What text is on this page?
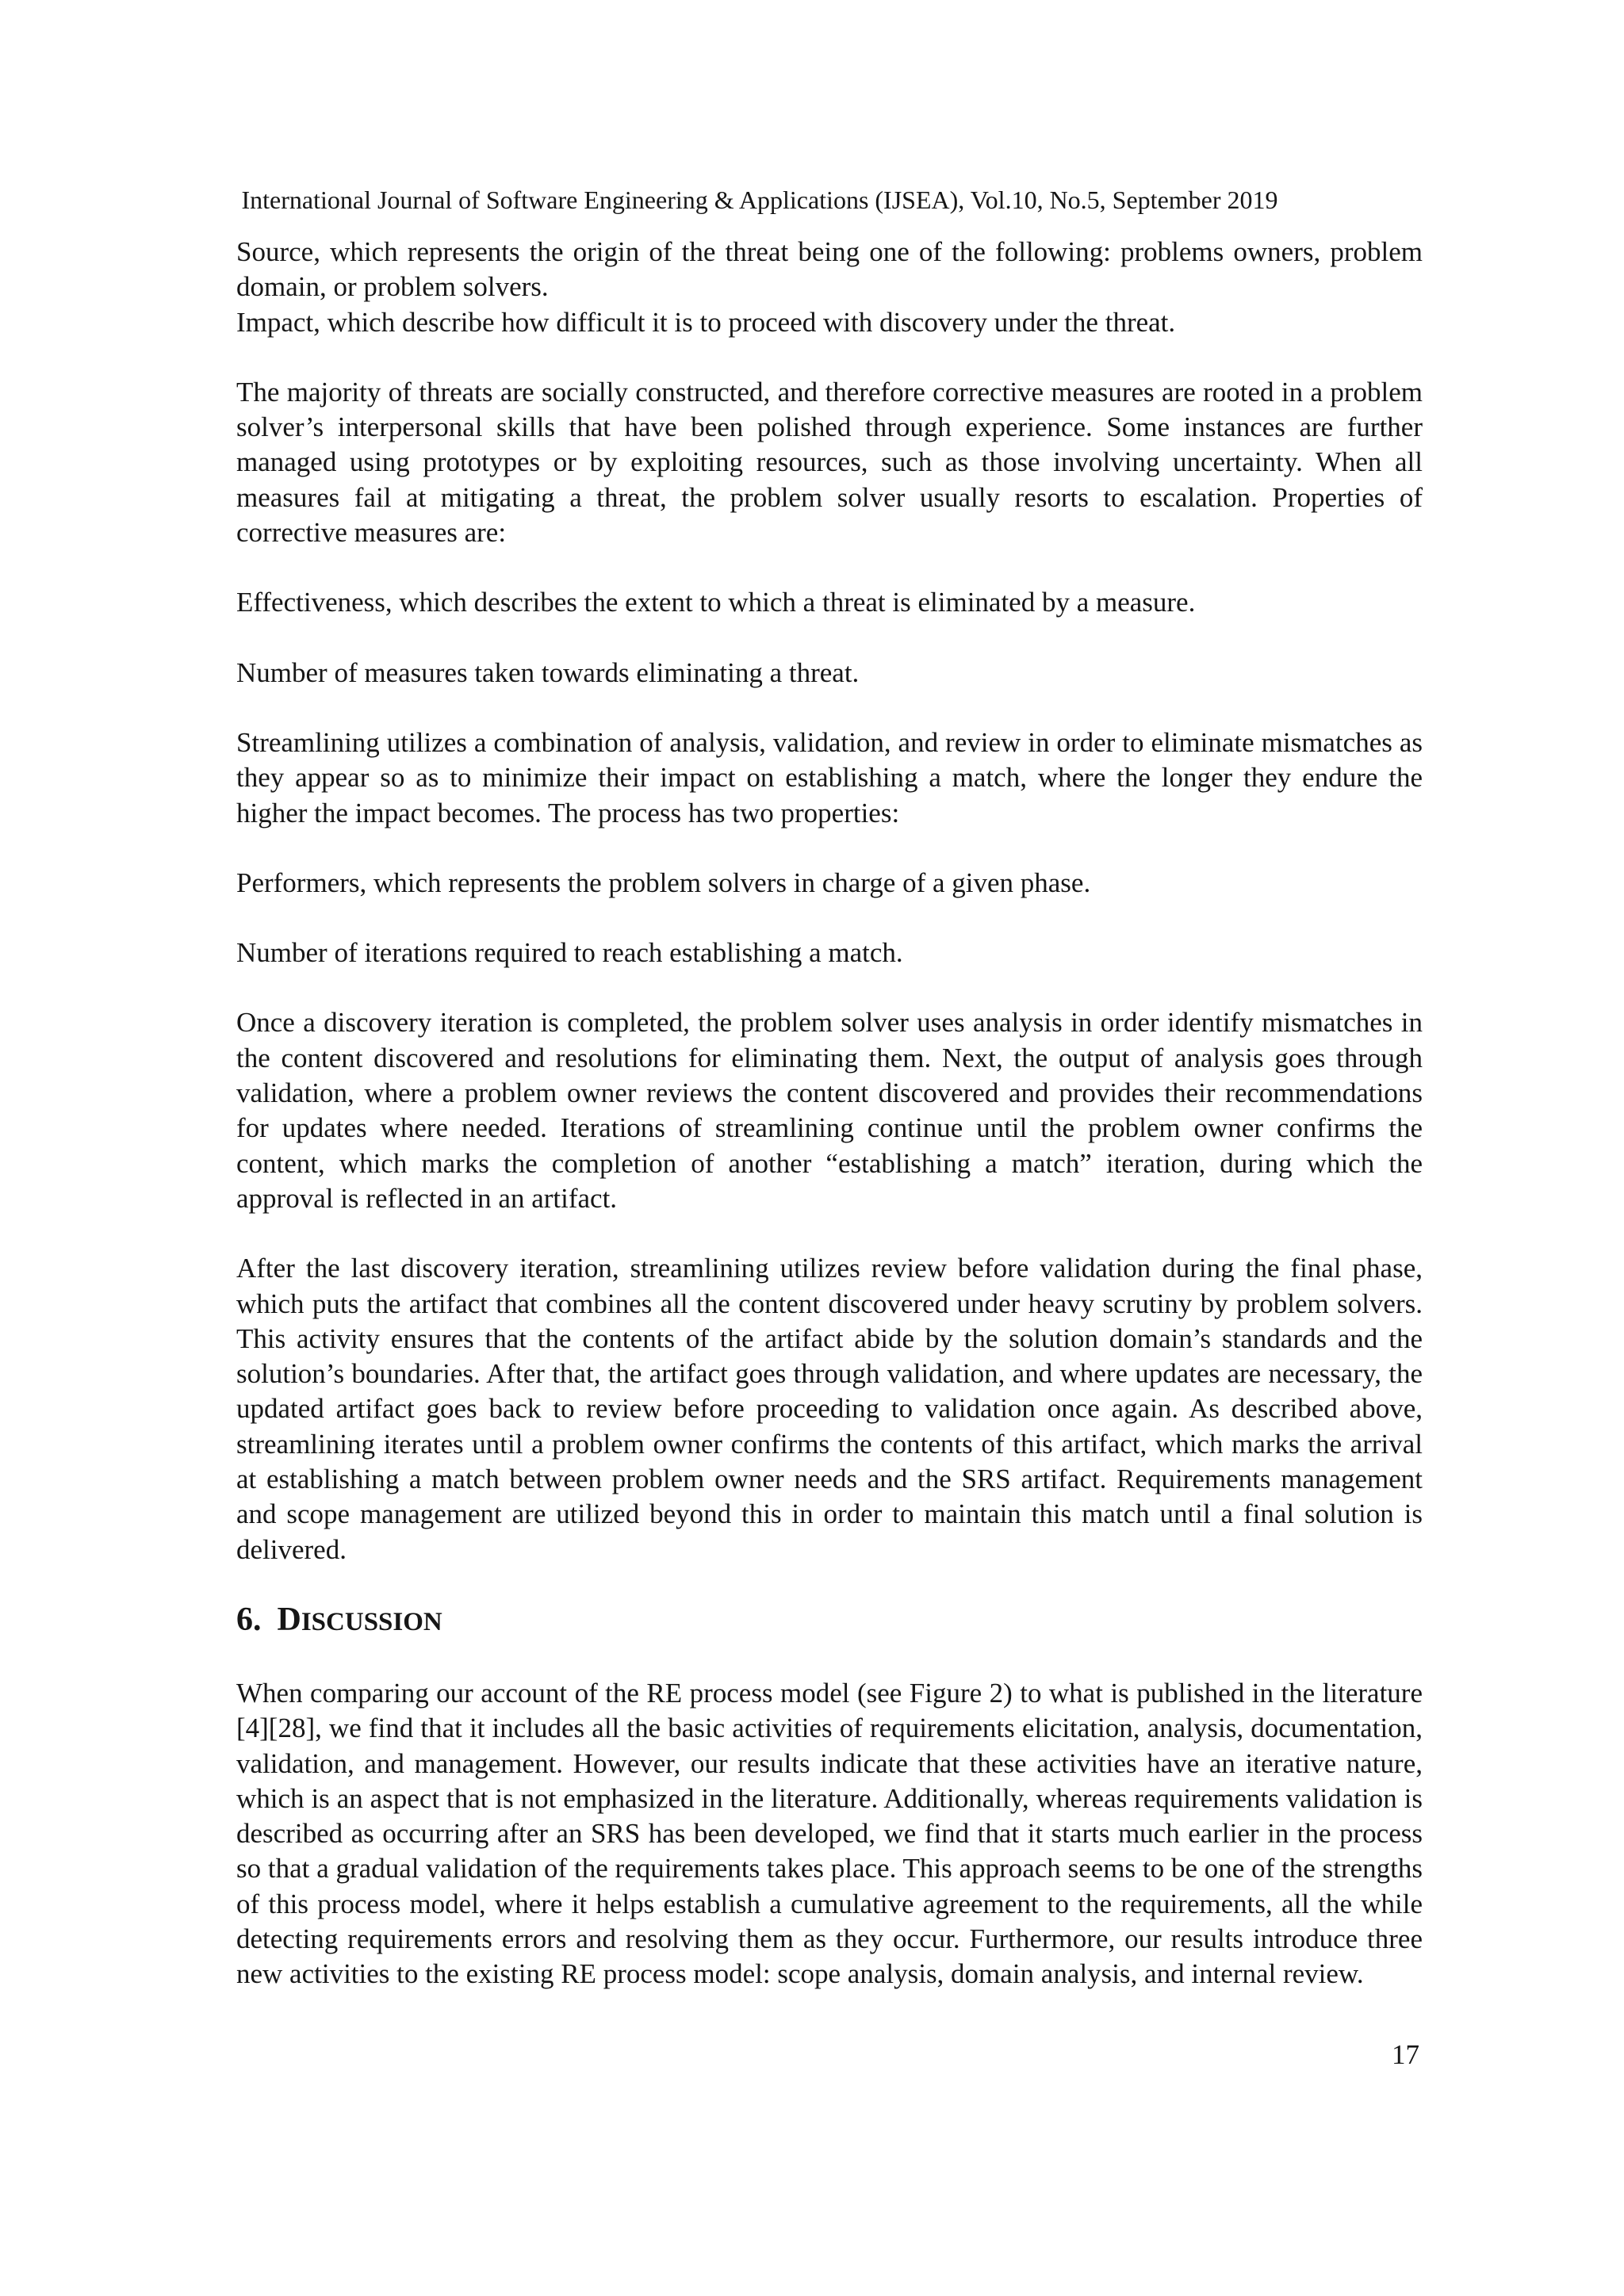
International Journal of Software Engineering & Applications (IJSEA), Vol.10, No.5, September 2019

Source, which represents the origin of the threat being one of the following: problems owners, problem domain, or problem solvers.

Impact, which describe how difficult it is to proceed with discovery under the threat.

The majority of threats are socially constructed, and therefore corrective measures are rooted in a problem solver’s interpersonal skills that have been polished through experience. Some instances are further managed using prototypes or by exploiting resources, such as those involving uncertainty. When all measures fail at mitigating a threat, the problem solver usually resorts to escalation. Properties of corrective measures are:

Effectiveness, which describes the extent to which a threat is eliminated by a measure.

Number of measures taken towards eliminating a threat.

Streamlining utilizes a combination of analysis, validation, and review in order to eliminate mismatches as they appear so as to minimize their impact on establishing a match, where the longer they endure the higher the impact becomes. The process has two properties:

Performers, which represents the problem solvers in charge of a given phase.

Number of iterations required to reach establishing a match.

Once a discovery iteration is completed, the problem solver uses analysis in order identify mismatches in the content discovered and resolutions for eliminating them. Next, the output of analysis goes through validation, where a problem owner reviews the content discovered and provides their recommendations for updates where needed. Iterations of streamlining continue until the problem owner confirms the content, which marks the completion of another “establishing a match” iteration, during which the approval is reflected in an artifact.

After the last discovery iteration, streamlining utilizes review before validation during the final phase, which puts the artifact that combines all the content discovered under heavy scrutiny by problem solvers. This activity ensures that the contents of the artifact abide by the solution domain’s standards and the solution’s boundaries. After that, the artifact goes through validation, and where updates are necessary, the updated artifact goes back to review before proceeding to validation once again. As described above, streamlining iterates until a problem owner confirms the contents of this artifact, which marks the arrival at establishing a match between problem owner needs and the SRS artifact. Requirements management and scope management are utilized beyond this in order to maintain this match until a final solution is delivered.

6. DISCUSSION

When comparing our account of the RE process model (see Figure 2) to what is published in the literature [4][28], we find that it includes all the basic activities of requirements elicitation, analysis, documentation, validation, and management. However, our results indicate that these activities have an iterative nature, which is an aspect that is not emphasized in the literature. Additionally, whereas requirements validation is described as occurring after an SRS has been developed, we find that it starts much earlier in the process so that a gradual validation of the requirements takes place. This approach seems to be one of the strengths of this process model, where it helps establish a cumulative agreement to the requirements, all the while detecting requirements errors and resolving them as they occur. Furthermore, our results introduce three new activities to the existing RE process model: scope analysis, domain analysis, and internal review.

17
